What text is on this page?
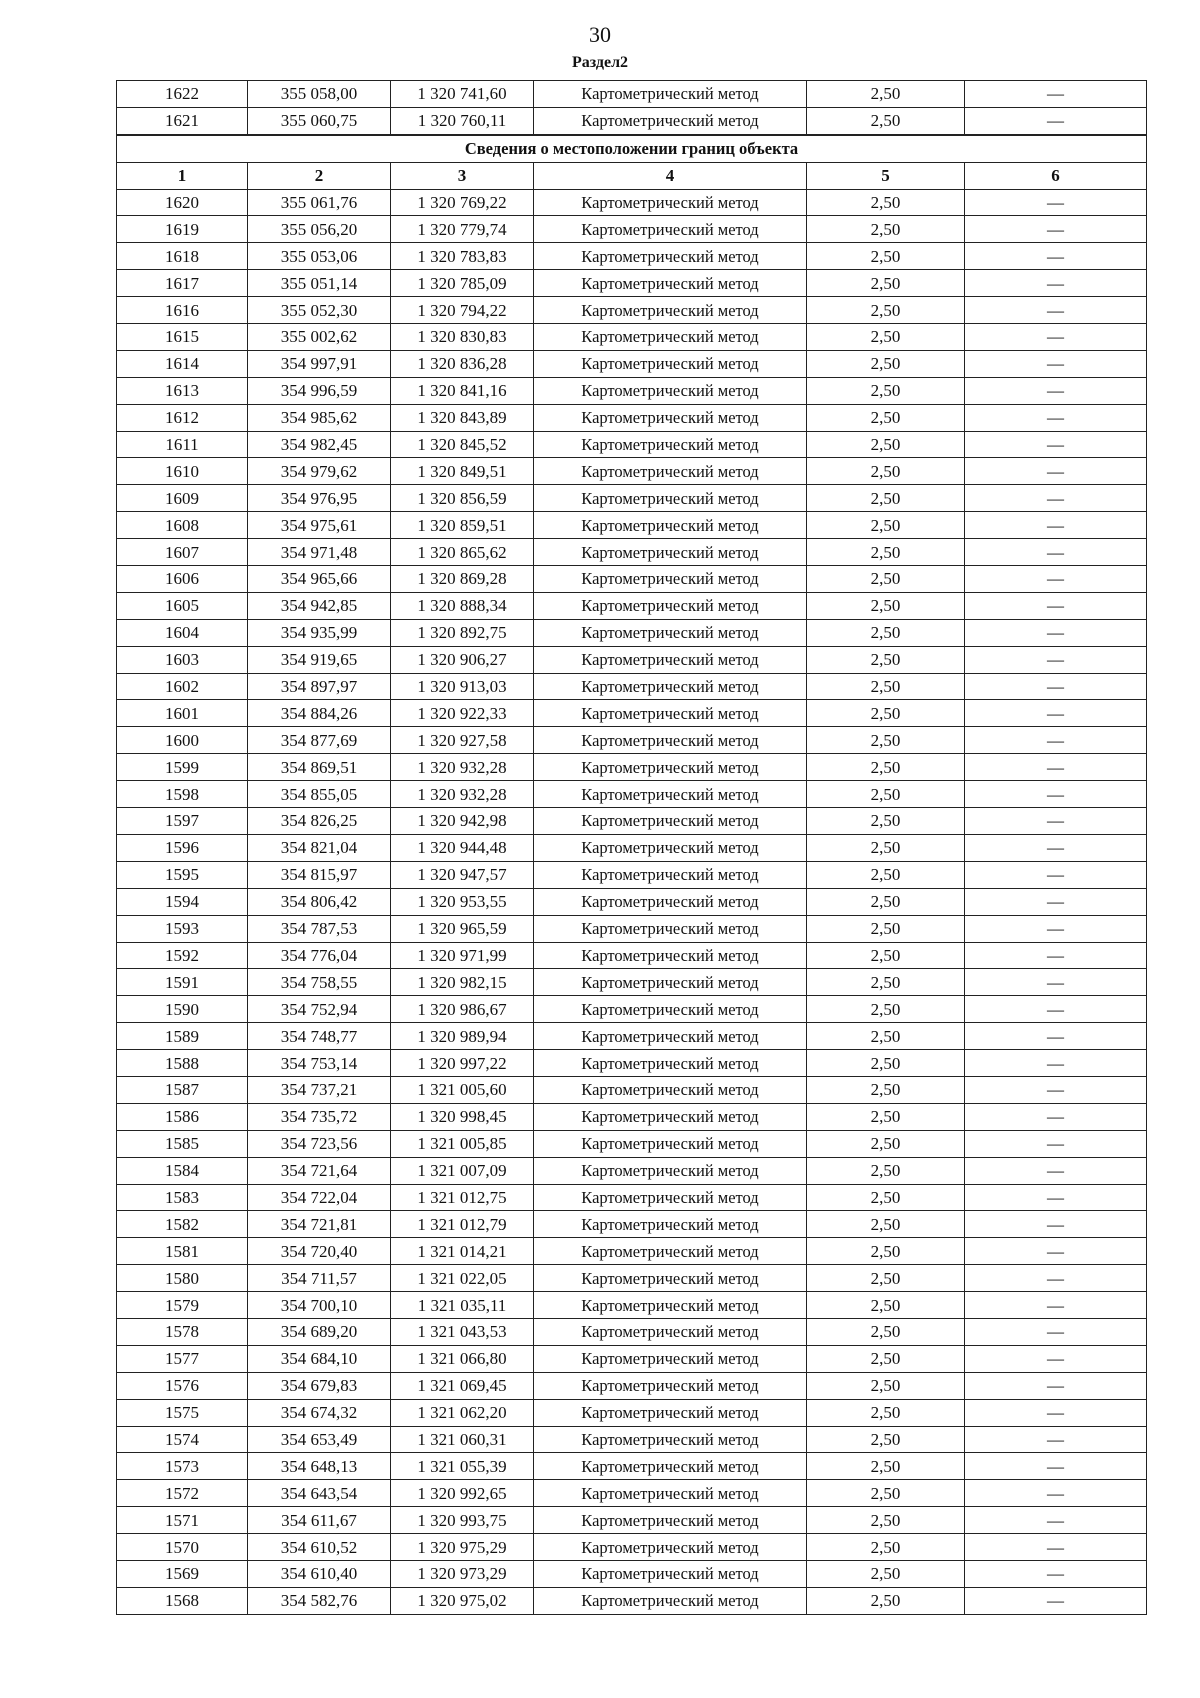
30
Раздел2
1622	355 058,00	1 320 741,60	Картометрический метод	2,50	—
1621	355 060,75	1 320 760,11	Картометрический метод	2,50	—
Сведения о местоположении границ объекта					
1	2	3	4	5	6
1620	355 061,76	1 320 769,22	Картометрический метод	2,50	—
1619	355 056,20	1 320 779,74	Картометрический метод	2,50	—
1618	355 053,06	1 320 783,83	Картометрический метод	2,50	—
1617	355 051,14	1 320 785,09	Картометрический метод	2,50	—
1616	355 052,30	1 320 794,22	Картометрический метод	2,50	—
1615	355 002,62	1 320 830,83	Картометрический метод	2,50	—
1614	354 997,91	1 320 836,28	Картометрический метод	2,50	—
1613	354 996,59	1 320 841,16	Картометрический метод	2,50	—
1612	354 985,62	1 320 843,89	Картометрический метод	2,50	—
1611	354 982,45	1 320 845,52	Картометрический метод	2,50	—
1610	354 979,62	1 320 849,51	Картометрический метод	2,50	—
1609	354 976,95	1 320 856,59	Картометрический метод	2,50	—
1608	354 975,61	1 320 859,51	Картометрический метод	2,50	—
1607	354 971,48	1 320 865,62	Картометрический метод	2,50	—
1606	354 965,66	1 320 869,28	Картометрический метод	2,50	—
1605	354 942,85	1 320 888,34	Картометрический метод	2,50	—
1604	354 935,99	1 320 892,75	Картометрический метод	2,50	—
1603	354 919,65	1 320 906,27	Картометрический метод	2,50	—
1602	354 897,97	1 320 913,03	Картометрический метод	2,50	—
1601	354 884,26	1 320 922,33	Картометрический метод	2,50	—
1600	354 877,69	1 320 927,58	Картометрический метод	2,50	—
1599	354 869,51	1 320 932,28	Картометрический метод	2,50	—
1598	354 855,05	1 320 932,28	Картометрический метод	2,50	—
1597	354 826,25	1 320 942,98	Картометрический метод	2,50	—
1596	354 821,04	1 320 944,48	Картометрический метод	2,50	—
1595	354 815,97	1 320 947,57	Картометрический метод	2,50	—
1594	354 806,42	1 320 953,55	Картометрический метод	2,50	—
1593	354 787,53	1 320 965,59	Картометрический метод	2,50	—
1592	354 776,04	1 320 971,99	Картометрический метод	2,50	—
1591	354 758,55	1 320 982,15	Картометрический метод	2,50	—
1590	354 752,94	1 320 986,67	Картометрический метод	2,50	—
1589	354 748,77	1 320 989,94	Картометрический метод	2,50	—
1588	354 753,14	1 320 997,22	Картометрический метод	2,50	—
1587	354 737,21	1 321 005,60	Картометрический метод	2,50	—
1586	354 735,72	1 320 998,45	Картометрический метод	2,50	—
1585	354 723,56	1 321 005,85	Картометрический метод	2,50	—
1584	354 721,64	1 321 007,09	Картометрический метод	2,50	—
1583	354 722,04	1 321 012,75	Картометрический метод	2,50	—
1582	354 721,81	1 321 012,79	Картометрический метод	2,50	—
1581	354 720,40	1 321 014,21	Картометрический метод	2,50	—
1580	354 711,57	1 321 022,05	Картометрический метод	2,50	—
1579	354 700,10	1 321 035,11	Картометрический метод	2,50	—
1578	354 689,20	1 321 043,53	Картометрический метод	2,50	—
1577	354 684,10	1 321 066,80	Картометрический метод	2,50	—
1576	354 679,83	1 321 069,45	Картометрический метод	2,50	—
1575	354 674,32	1 321 062,20	Картометрический метод	2,50	—
1574	354 653,49	1 321 060,31	Картометрический метод	2,50	—
1573	354 648,13	1 321 055,39	Картометрический метод	2,50	—
1572	354 643,54	1 320 992,65	Картометрический метод	2,50	—
1571	354 611,67	1 320 993,75	Картометрический метод	2,50	—
1570	354 610,52	1 320 975,29	Картометрический метод	2,50	—
1569	354 610,40	1 320 973,29	Картометрический метод	2,50	—
1568	354 582,76	1 320 975,02	Картометрический метод	2,50	—
